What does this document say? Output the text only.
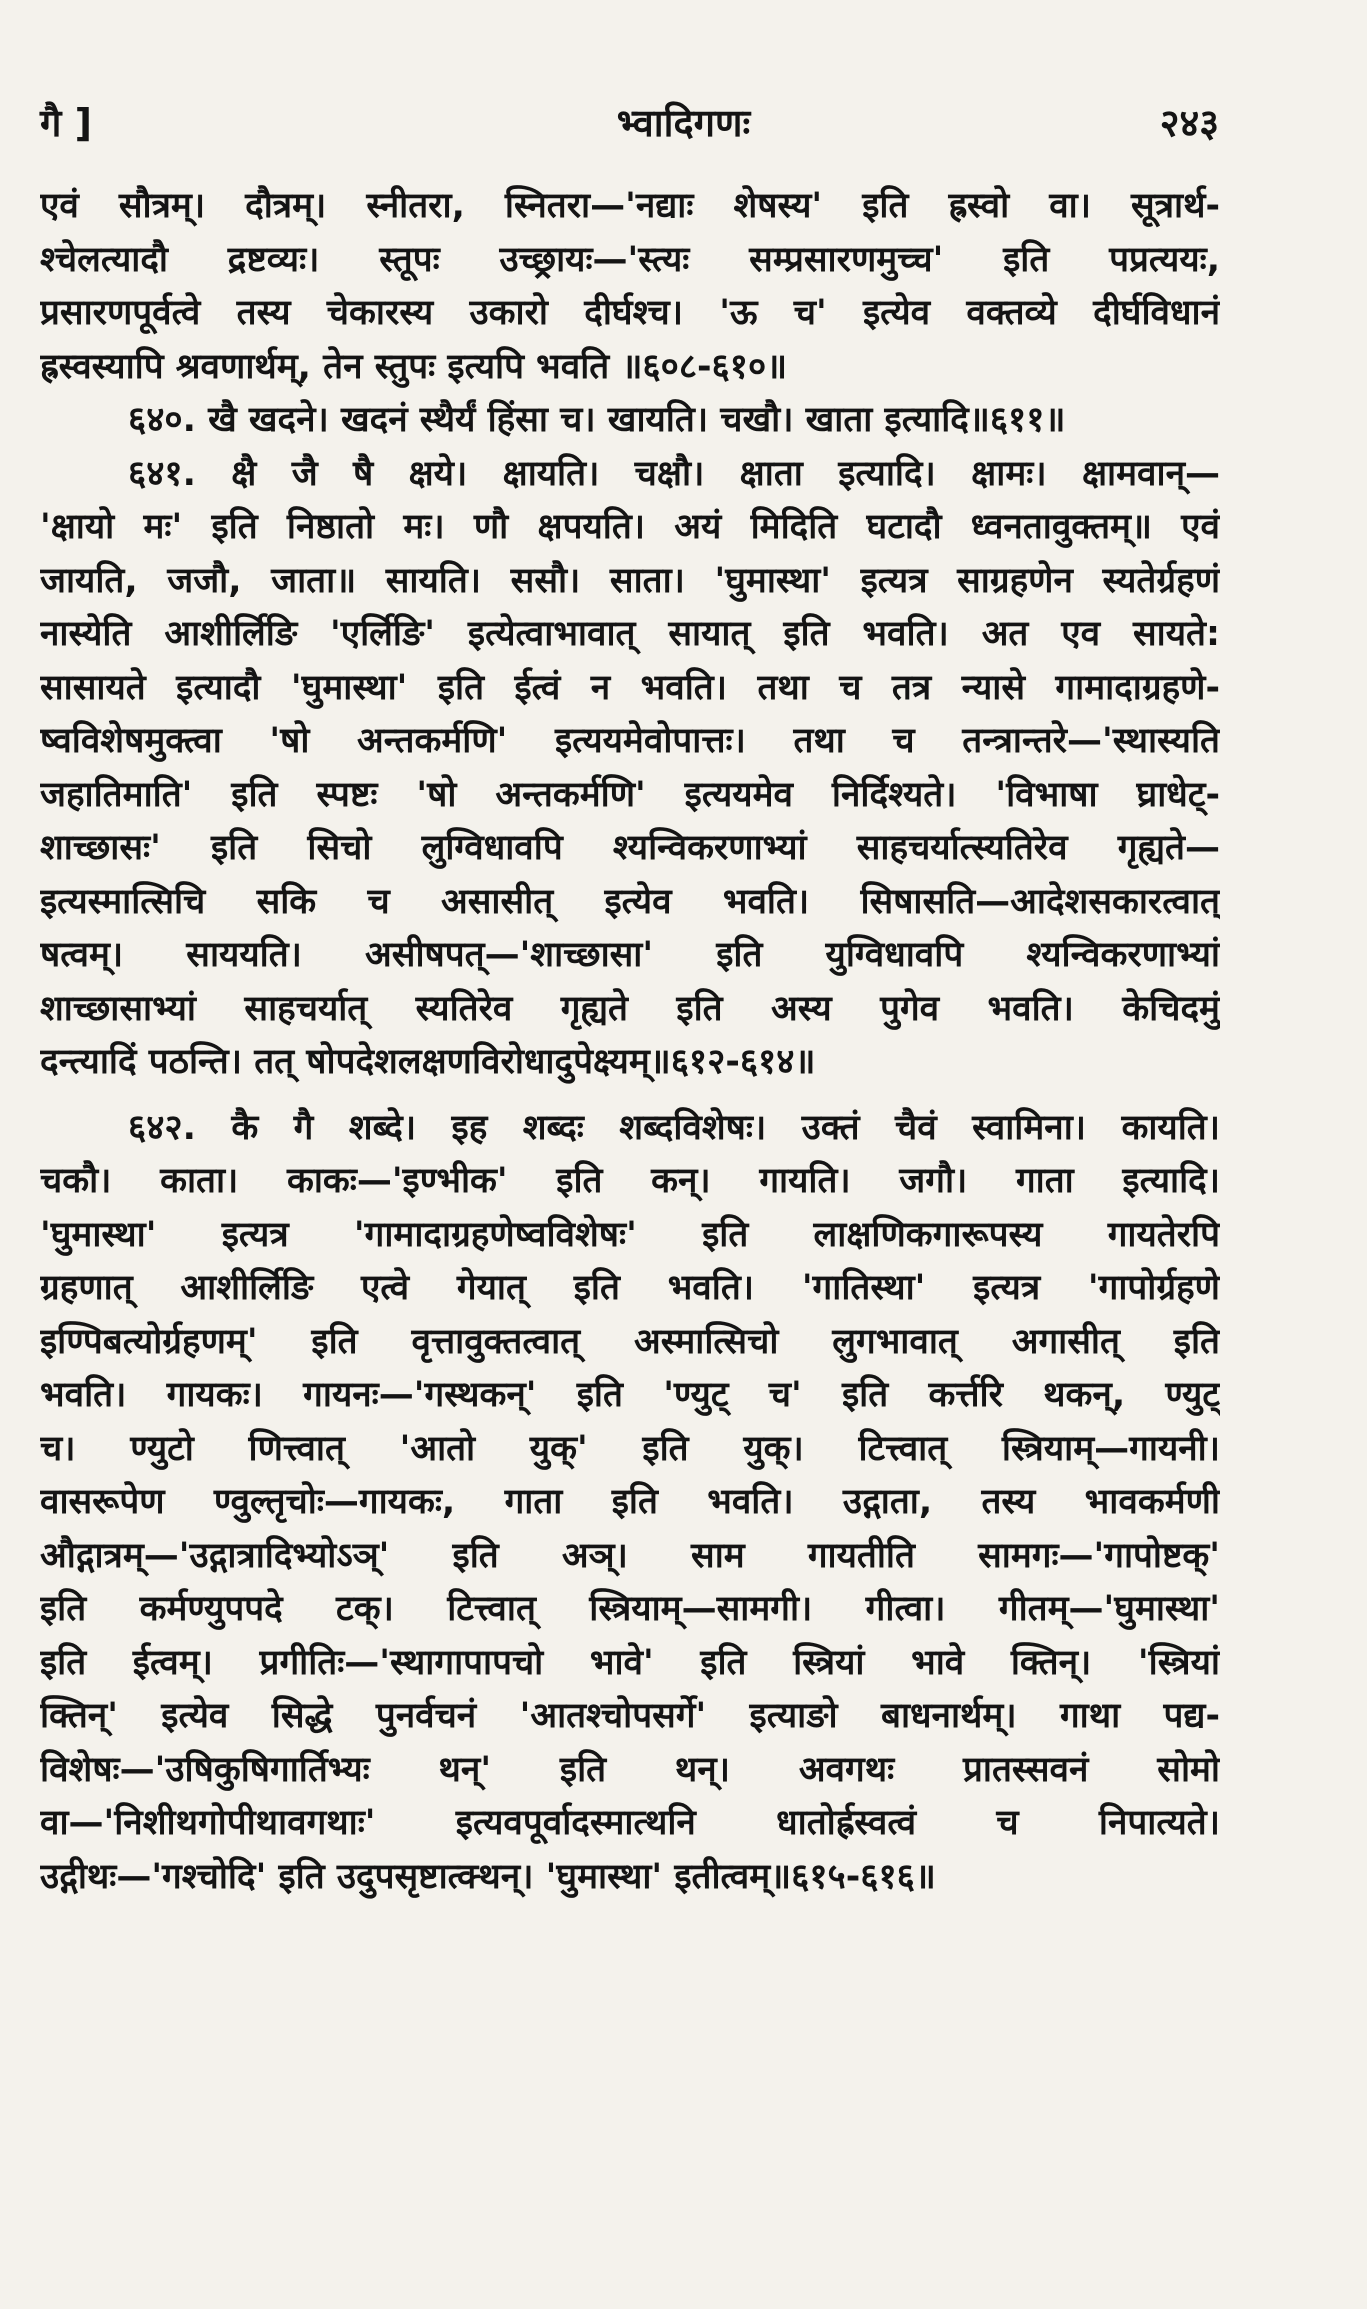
भ्वादिगणः
गै ]	२४३
एवं सौत्रम्। दौत्रम्। स्नीतरा, स्नितरा—'नद्याः शेषस्य' इति ह्रस्वो वा। सूत्रार्थ-
श्चेलत्यादौ द्रष्टव्यः। स्तूपः उच्छ्रायः—'स्त्यः सम्प्रसारणमुच्च' इति पप्रत्ययः,
प्रसारणपूर्वत्वे तस्य चेकारस्य उकारो दीर्घश्च। 'ऊ च' इत्येव वक्तव्ये दीर्घविधानं
ह्रस्वस्यापि श्रवणार्थम्, तेन स्तुपः इत्यपि भवति ॥६०८-६१०॥
६४०. खै खदने। खदनं स्थैर्यं हिंसा च। खायति। चखौ। खाता इत्यादि॥६११॥
६४१. क्षै जै षै क्षये। क्षायति। चक्षौ। क्षाता इत्यादि। क्षामः। क्षामवान्—
'क्षायो मः' इति निष्ठातो मः। णौ क्षपयति। अयं मिदिति घटादौ ध्वनतावुक्तम्॥ एवं
जायति, जजौ, जाता॥ सायति। ससौ। साता। 'घुमास्था' इत्यत्र साग्रहणेन स्यतेर्ग्रहणं
नास्येति आशीर्लिङि 'एर्लिङि' इत्येत्वाभावात् सायात् इति भवति। अत एव सायते:
सासायते इत्यादौ 'घुमास्था' इति ईत्वं न भवति। तथा च तत्र न्यासे गामादाग्रहणे-
ष्वविशेषमुक्त्वा 'षो अन्तकर्मणि' इत्ययमेवोपात्तः। तथा च तन्त्रान्तरे—'स्थास्यति
जहातिमाति' इति स्पष्टः 'षो अन्तकर्मणि' इत्ययमेव निर्दिश्यते। 'विभाषा घ्राधेट्-
शाच्छासः' इति सिचो लुग्विधावपि श्यन्विकरणाभ्यां साहचर्यात्स्यतिरेव गृह्यते—
इत्यस्मात्सिचि सकि च असासीत् इत्येव भवति। सिषासति—आदेशसकारत्वात्
षत्वम्। साययति। असीषपत्—'शाच्छासा' इति युग्विधावपि श्यन्विकरणाभ्यां
शाच्छासाभ्यां साहचर्यात् स्यतिरेव गृह्यते इति अस्य पुगेव भवति। केचिदमुं
दन्त्यादिं पठन्ति। तत् षोपदेशलक्षणविरोधादुपेक्ष्यम्॥६१२-६१४॥
६४२. कै गै शब्दे। इह शब्दः शब्दविशेषः। उक्तं चैवं स्वामिना। कायति।
चकौ। काता। काकः—'इण्भीक' इति कन्। गायति। जगौ। गाता इत्यादि।
'घुमास्था' इत्यत्र 'गामादाग्रहणेष्वविशेषः' इति लाक्षणिकगारूपस्य गायतेरपि
ग्रहणात् आशीर्लिङि एत्वे गेयात् इति भवति। 'गातिस्था' इत्यत्र 'गापोर्ग्रहणे
इण्पिबत्योर्ग्रहणम्' इति वृत्तावुक्तत्वात् अस्मात्सिचो लुगभावात् अगासीत् इति
भवति। गायकः। गायनः—'गस्थकन्' इति 'ण्युट् च' इति कर्त्तरि थकन्, ण्युट्
च। ण्युटो णित्त्वात् 'आतो युक्' इति युक्। टित्त्वात् स्त्रियाम्—गायनी।
वासरूपेण ण्वुल्तृचोः—गायकः, गाता इति भवति। उद्गाता, तस्य भावकर्मणी
औद्गात्रम्—'उद्गात्रादिभ्योऽञ्' इति अञ्। साम गायतीति सामगः—'गापोष्टक्'
इति कर्मण्युपपदे टक्। टित्त्वात् स्त्रियाम्—सामगी। गीत्वा। गीतम्—'घुमास्था'
इति ईत्वम्। प्रगीतिः—'स्थागापापचो भावे' इति स्त्रियां भावे क्तिन्। 'स्त्रियां
क्तिन्' इत्येव सिद्धे पुनर्वचनं 'आतश्चोपसर्गे' इत्याङो बाधनार्थम्। गाथा पद्य-
विशेषः—'उषिकुषिगार्तिभ्यः थन्' इति थन्। अवगथः प्रातस्सवनं सोमो
वा—'निशीथगोपीथावगथाः' इत्यवपूर्वादस्मात्थनि धातोर्ह्रस्वत्वं च निपात्यते।
उद्गीथः—'गश्चोदि' इति उदुपसृष्टात्क्थन्। 'घुमास्था' इतीत्वम्॥६१५-६१६॥
